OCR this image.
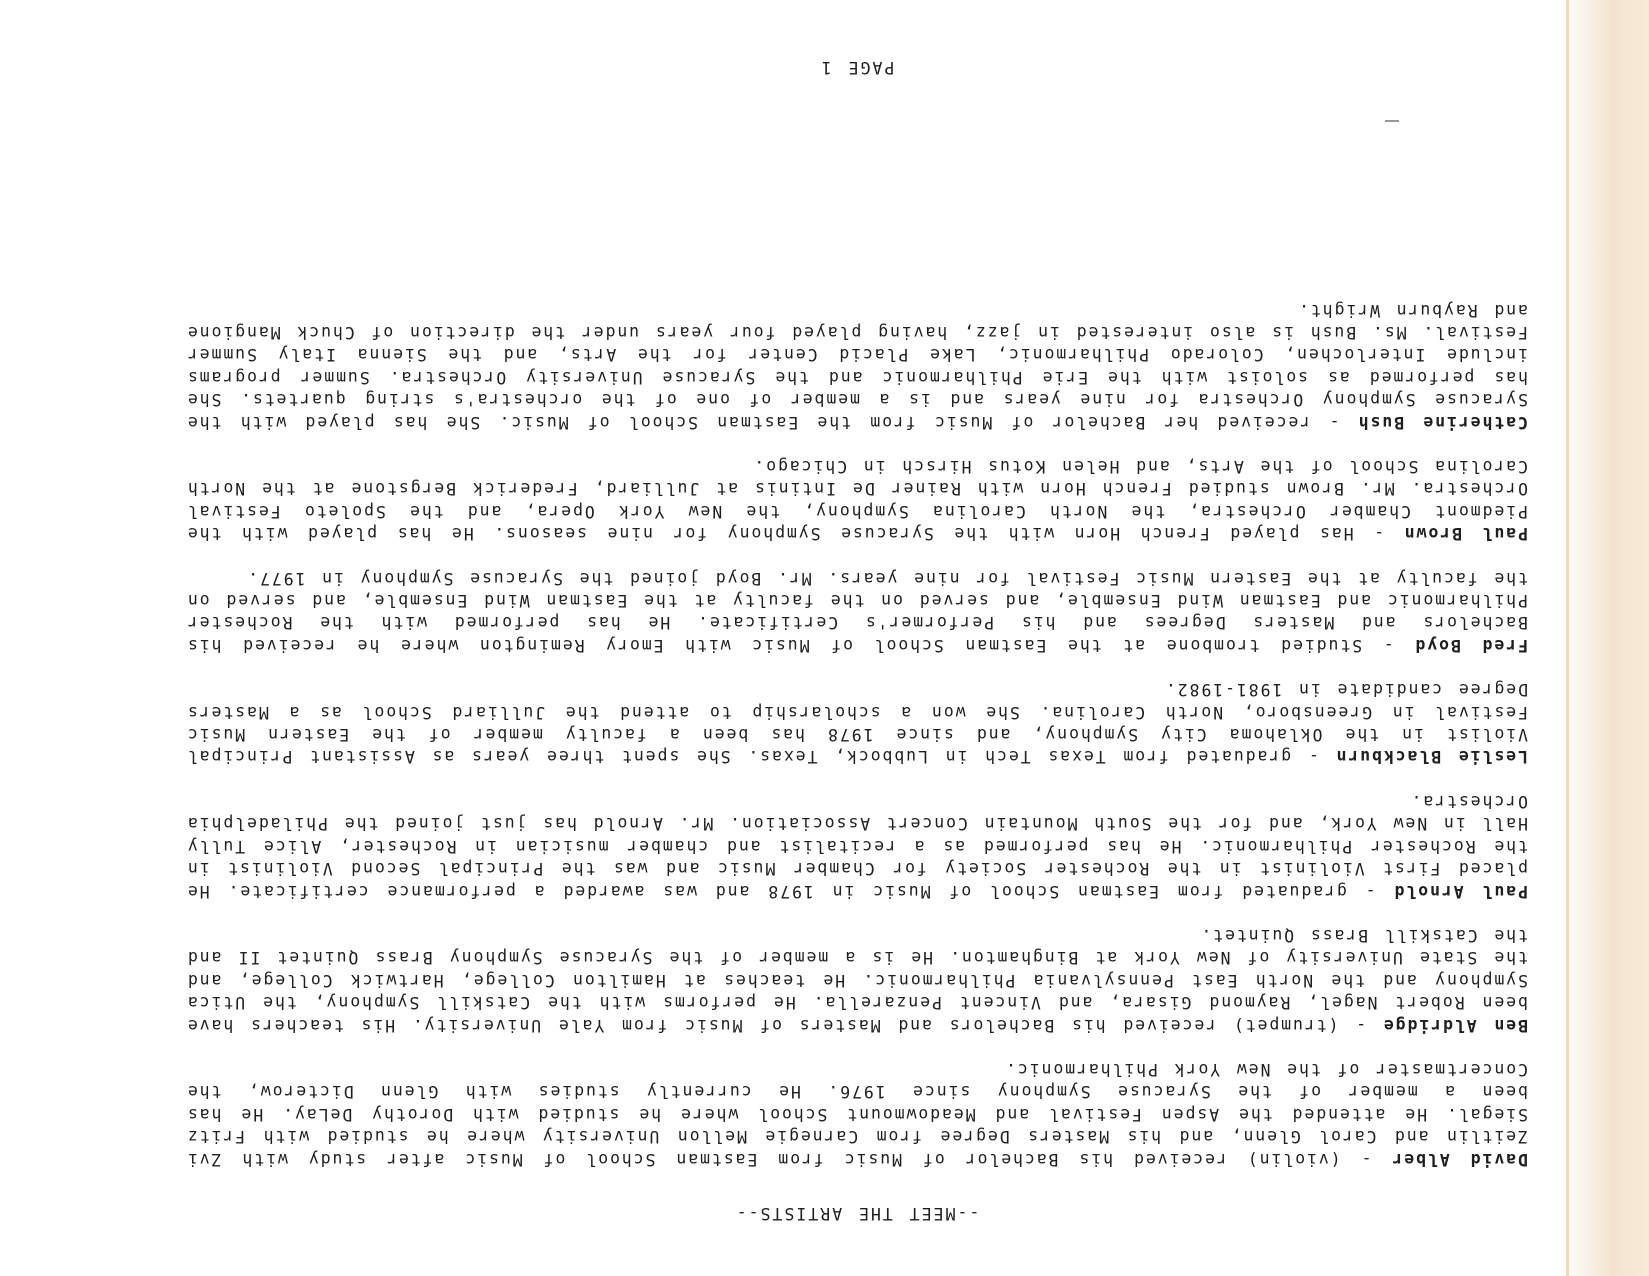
--MEET THE ARTISTS--

David Alber - (violin) received his Bachelor of Music from Eastman School of Music after study with Zvi Zeitlin and Carol Glenn, and his Masters Degree from Carnegie Mellon University where he studied with Fritz Siegal. He attended the Aspen Festival and Meadowmount School where he studied with Dorothy DeLay. He has been a member of the Syracuse Symphony since 1976. He currently studies with Glenn Dicterow, the Concertmaster of the New York Philharmonic.

Ben Aldridge - (trumpet) received his Bachelors and Masters of Music from Yale University. His teachers have been Robert Nagel, Raymond Gisara, and Vincent Penzarella. He performs with the Catskill Symphony, the Utica Symphony and the North East Pennsylvania Philharmonic. He teaches at Hamilton College, Hartwick College, and the State University of New York at Binghamton. He is a member of the Syracuse Symphony Brass Quintet II and the Catskill Brass Quintet.

Paul Arnold - graduated from Eastman School of Music in 1978 and was awarded a performance certificate. He placed First Violinist in the Rochester Society for Chamber Music and was the Principal Second Violinist in the Rochester Philharmonic. He has performed as a recitalist and chamber musician in Rochester, Alice Tully Hall in New York, and for the South Mountain Concert Association. Mr. Arnold has just joined the Philadelphia Orchestra.

Leslie Blackburn - graduated from Texas Tech in Lubbock, Texas. She spent three years as Assistant Principal Violist in the Oklahoma City Symphony, and since 1978 has been a faculty member of the Eastern Music Festival in Greensboro, North Carolina. She won a scholarship to attend the Julliard School as a Masters Degree candidate in 1981-1982.

Fred Boyd - Studied trombone at the Eastman School of Music with Emory Remington where he received his Bachelors and Masters Degrees and his Performer's Certificate. He has performed with the Rochester Philharmonic and Eastman Wind Ensemble, and served on the faculty at the Eastman Wind Ensemble, and served on the faculty at the Eastern Music Festival for nine years. Mr. Boyd joined the Syracuse Symphony in 1977.

Paul Brown - Has played French Horn with the Syracuse Symphony for nine seasons. He has played with the Piedmont Chamber Orchestra, the North Carolina Symphony, the New York Opera, and the Spoleto Festival Orchestra. Mr. Brown studied French Horn with Rainer De Intinis at Julliard, Frederick Bergstone at the North Carolina School of the Arts, and Helen Kotus Hirsch in Chicago.

Catherine Bush - received her Bachelor of Music from the Eastman School of Music. She has played with the Syracuse Symphony Orchestra for nine years and is a member of one of the orchestra's string quartets. She has performed as soloist with the Erie Philharmonic and the Syracuse University Orchestra. Summer programs include Interlochen, Colorado Philharmonic, Lake Placid Center for the Arts, and the Sienna Italy Summer Festival. Ms. Bush is also interested in jazz, having played four years under the direction of Chuck Mangione and Rayburn Wright.

PAGE 1
